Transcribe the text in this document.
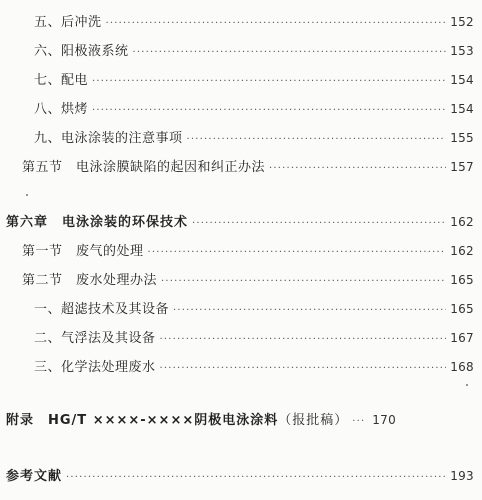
五、后冲洗 ·····	152
六、阳极液系统 ·····	153
七、配电 ·····	154
八、烘烤 ·····	154
九、电泳涂装的注意事项 ·····	155
第五节　电泳涂膜缺陷的起因和纠正办法 ·····	157
第六章　电泳涂装的环保技术 ·····	162
第一节　废气的处理 ·····	162
第二节　废水处理办法 ·····	165
一、超滤技术及其设备 ·····	165
二、气浮法及其设备 ·····	167
三、化学法处理废水 ·····	168
附录　HG/T ××××-××××阴极电泳涂料（报批稿） ····· 170
参考文献 ·····	193
